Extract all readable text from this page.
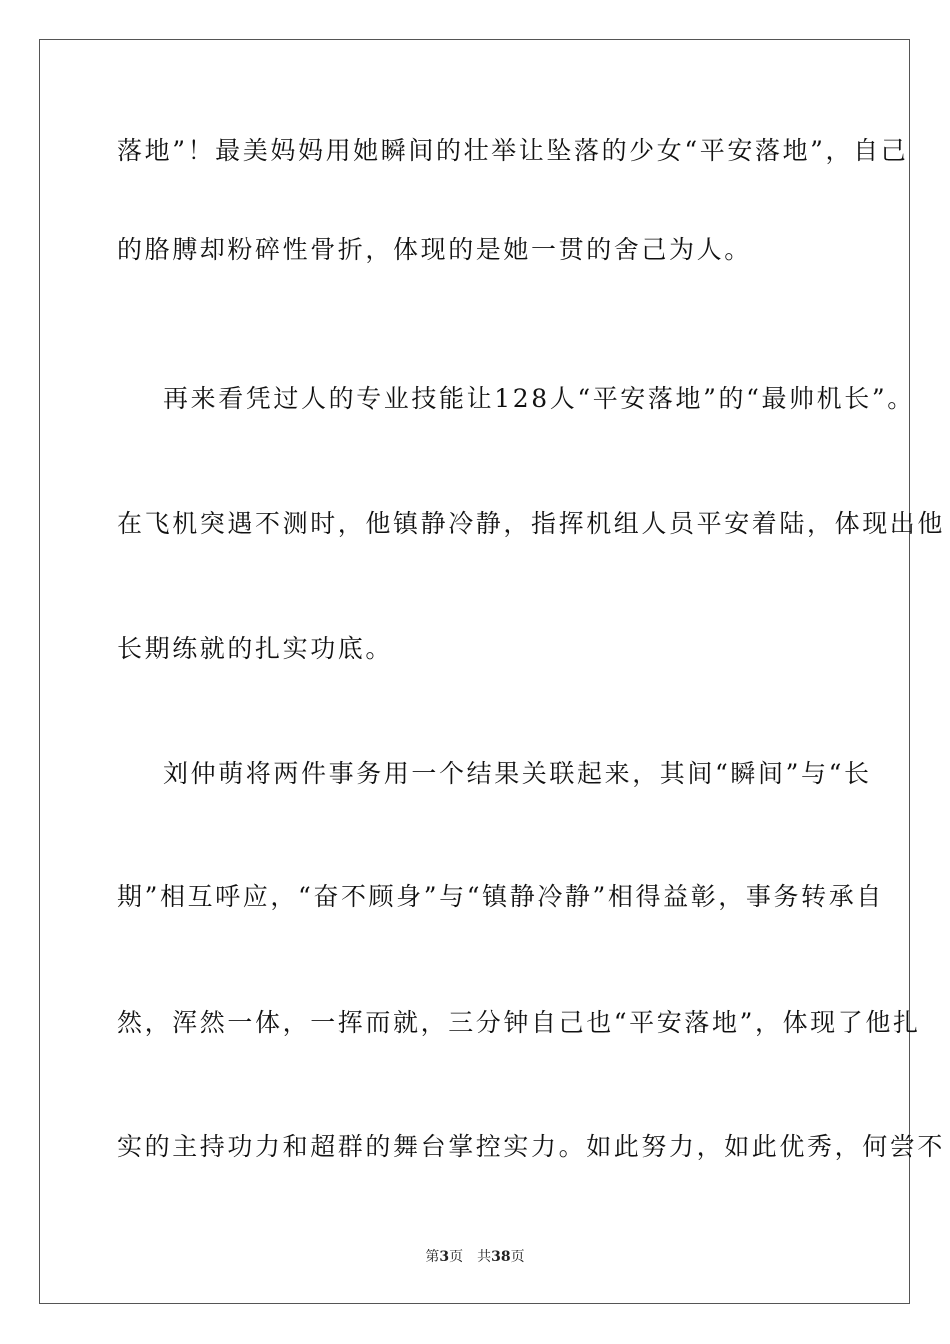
落地”！最美妈妈用她瞬间的壮举让坠落的少女“平安落地”，自己
的胳膊却粉碎性骨折，体现的是她一贯的舍己为人。
再来看凭过人的专业技能让128人“平安落地”的“最帅机长”。
在飞机突遇不测时，他镇静冷静，指挥机组人员平安着陆，体现出他
长期练就的扎实功底。
刘仲萌将两件事务用一个结果关联起来，其间“瞬间”与“长
期”相互呼应，“奋不顾身”与“镇静冷静”相得益彰，事务转承自
然，浑然一体，一挥而就，三分钟自己也“平安落地”，体现了他扎
实的主持功力和超群的舞台掌控实力。如此努力，如此优秀，何尝不
第3页 共38页
